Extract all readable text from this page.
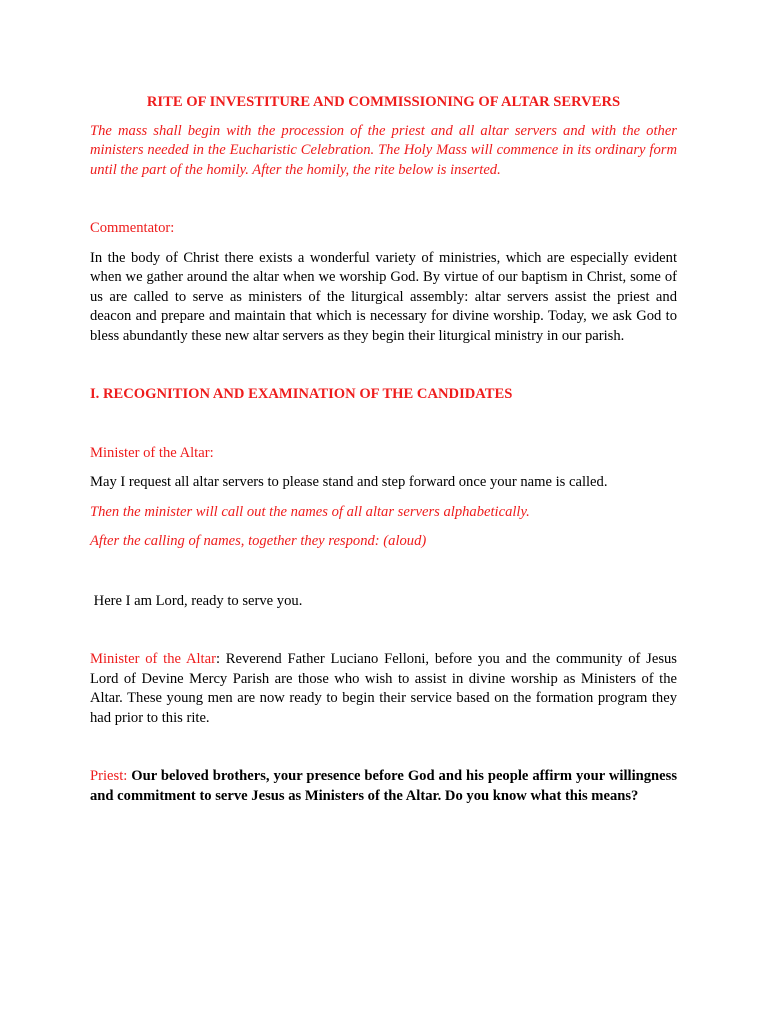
RITE OF INVESTITURE AND COMMISSIONING OF ALTAR SERVERS

The mass shall begin with the procession of the priest and all altar servers and with the other ministers needed in the Eucharistic Celebration. The Holy Mass will commence in its ordinary form until the part of the homily. After the homily, the rite below is inserted.

Commentator:

In the body of Christ there exists a wonderful variety of ministries, which are especially evident when we gather around the altar when we worship God. By virtue of our baptism in Christ, some of us are called to serve as ministers of the liturgical assembly: altar servers assist the priest and deacon and prepare and maintain that which is necessary for divine worship. Today, we ask God to bless abundantly these new altar servers as they begin their liturgical ministry in our parish.

I. RECOGNITION AND EXAMINATION OF THE CANDIDATES

Minister of the Altar:

May I request all altar servers to please stand and step forward once your name is called.

Then the minister will call out the names of all altar servers alphabetically.

After the calling of names, together they respond: (aloud)

Here I am Lord, ready to serve you.

Minister of the Altar: Reverend Father Luciano Felloni, before you and the community of Jesus Lord of Devine Mercy Parish are those who wish to assist in divine worship as Ministers of the Altar. These young men are now ready to begin their service based on the formation program they had prior to this rite.

Priest: Our beloved brothers, your presence before God and his people affirm your willingness and commitment to serve Jesus as Ministers of the Altar. Do you know what this means?
